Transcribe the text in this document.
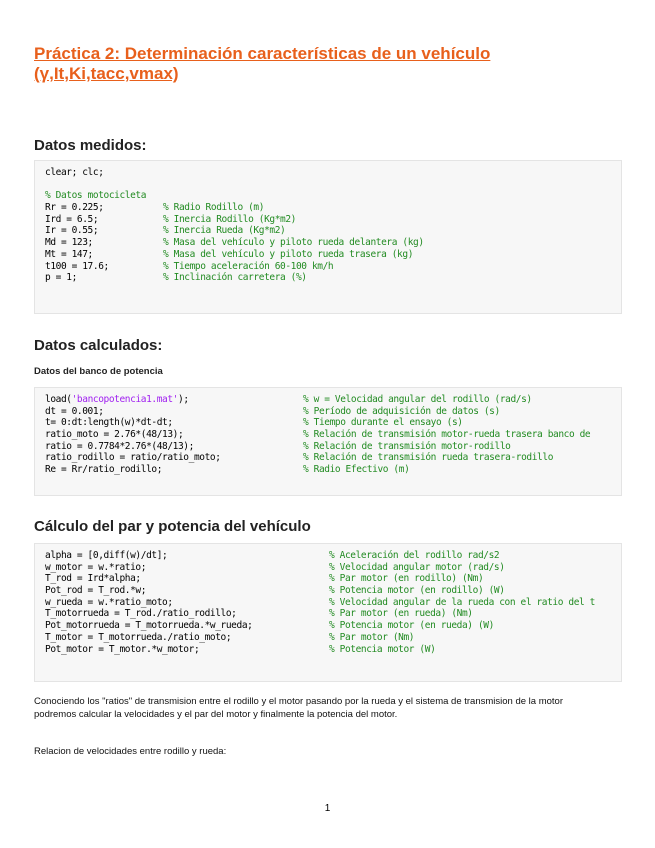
Práctica 2: Determinación características de un vehículo (γ,It,Ki,tacc,vmax)
Datos medidos:
clear; clc;
% Datos motocicleta
Rr = 0.225;	% Radio Rodillo (m)
Ird = 6.5;	% Inercia Rodillo (Kg*m2)
Ir = 0.55;	% Inercia Rueda (Kg*m2)
Md = 123;	% Masa del vehículo y piloto rueda delantera (kg)
Mt = 147;	% Masa del vehículo y piloto rueda trasera (kg)
t100 = 17.6;	% Tiempo aceleración 60-100 km/h
p = 1;	% Inclinación carretera (%)
Datos calculados:
Datos del banco de potencia
load('bancopotencia1.mat');	% w = Velocidad angular del rodillo (rad/s)
dt = 0.001;	% Período de adquisición de datos (s)
t= 0:dt:length(w)*dt-dt;	% Tiempo durante el ensayo (s)
ratio_moto = 2.76*(48/13);	% Relación de transmisión motor-rueda trasera banco de
ratio = 0.7784*2.76*(48/13);	% Relación de transmisión motor-rodillo
ratio_rodillo = ratio/ratio_moto;	% Relación de transmisión rueda trasera-rodillo
Re = Rr/ratio_rodillo;	% Radio Efectivo (m)
Cálculo del par y potencia del vehículo
alpha = [0,diff(w)/dt];	% Aceleración del rodillo rad/s2
w_motor = w.*ratio;	% Velocidad angular motor (rad/s)
T_rod = Ird*alpha;	% Par motor (en rodillo) (Nm)
Pot_rod = T_rod.*w;	% Potencia motor (en rodillo) (W)
w_rueda = w.*ratio_moto;	% Velocidad angular de la rueda con el ratio del t
T_motorrueda = T_rod./ratio_rodillo;	% Par motor (en rueda) (Nm)
Pot_motorrueda = T_motorrueda.*w_rueda;	% Potencia motor (en rueda) (W)
T_motor = T_motorrueda./ratio_moto;	% Par motor (Nm)
Pot_motor = T_motor.*w_motor;	% Potencia motor (W)
Conociendo los "ratios" de transmision entre el rodillo y el motor pasando por la rueda y el sistema de transmision de la motor podremos calcular la velocidades y el par del motor y finalmente la potencia del motor.
Relacion de velocidades entre rodillo y rueda:
1
